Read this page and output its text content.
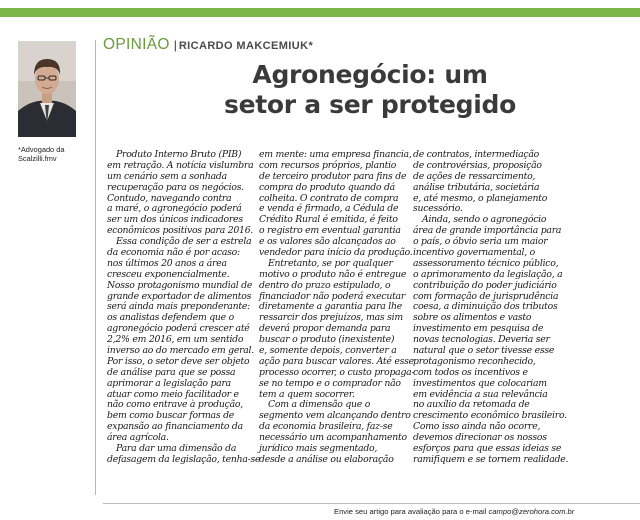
*Advogado da
Scalzilli.fmv
OPINIÃO | RICARDO MAKCEMIUK*
Agronegócio: um
setor a ser protegido
Produto Interno Bruto (PIB)
em retração. A notícia vislumbra
um cenário sem a sonhada
recuperação para os negócios.
Contudo, navegando contra
a maré, o agronegócio poderá
ser um dos únicos indicadores
econômicos positivos para 2016.
Essa condição de ser a estrela
da economia não é por acaso:
nos últimos 20 anos a área
cresceu exponencialmente.
Nosso protagonismo mundial de
grande exportador de alimentos
será ainda mais preponderante:
os analistas defendem que o
agronegócio poderá crescer até
2,2% em 2016, em um sentido
inverso ao do mercado em geral.
Por isso, o setor deve ser objeto
de análise para que se possa
aprimorar a legislação para
atuar como meio facilitador e
não como entrave à produção,
bem como buscar formas de
expansão ao financiamento da
área agrícola.
Para dar uma dimensão da
defasagem da legislação, tenha-se
em mente: uma empresa financia,
com recursos próprios, plantio
de terceiro produtor para fins de
compra do produto quando dá
colheita. O contrato de compra
e venda é firmado, a Cédula de
Crédito Rural é emitida, é feito
o registro em eventual garantia
e os valores são alcançados ao
vendedor para início da produção.
Entretanto, se por qualquer
motivo o produto não é entregue
dentro do prazo estipulado, o
financiador não poderá executar
diretamente a garantia para lhe
ressarcir dos prejuízos, mas sim
deverá propor demanda para
buscar o produto (inexistente)
e, somente depois, converter a
ação para buscar valores. Até esse
processo ocorrer, o custo propaga-
se no tempo e o comprador não
tem a quem socorrer.
Com a dimensão que o
segmento vem alcançando dentro
da economia brasileira, faz-se
necessário um acompanhamento
jurídico mais segmentado,
desde a análise ou elaboração
de contratos, intermediação
de controvérsias, proposição
de ações de ressarcimento,
análise tributária, societária
e, até mesmo, o planejamento
sucessório.
Ainda, sendo o agronegócio
área de grande importância para
o país, o óbvio seria um maior
incentivo governamental, o
assessoramento técnico público,
o aprimoramento da legislação, a
contribuição do poder judiciário
com formação de jurisprudência
coesa, a diminuição dos tributos
sobre os alimentos e vasto
investimento em pesquisa de
novas tecnologias. Deveria ser
natural que o setor tivesse esse
protagonismo reconhecido,
com todos os incentivos e
investimentos que colocariam
em evidência a sua relevância
no auxílio da retomada de
crescimento econômico brasileiro.
Como isso ainda não ocorre,
devemos direcionar os nossos
esforços para que essas ideias se
ramifiquem e se tornem realidade.
Envie seu artigo para avaliação para o e-mail campo@zerohora.com.br
